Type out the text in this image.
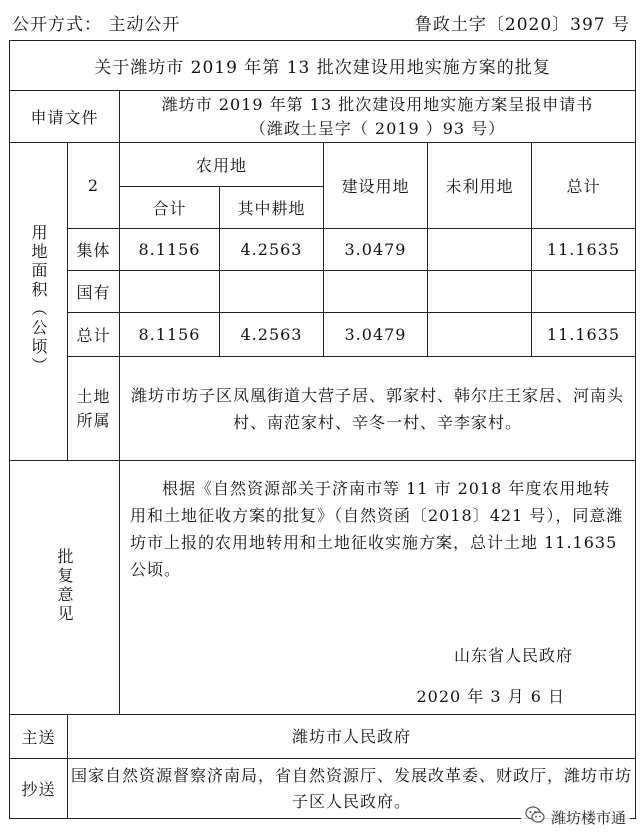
公开方式： 主动公开	鲁政土字〔2020〕397 号
关于潍坊市 2019 年第 13 批次建设用地实施方案的批复						
申请文件		潍坊市 2019 年第 13 批次建设用地实施方案呈报申请书
（潍政土呈字（ 2019 ）93 号）				

用地面积（公顷）	2	农用地		建设用地	未利用地	总计
		合计	其中耕地			
	集体	8.1156	4.2563	3.0479		11.1635
	国有					
	总计	8.1156	4.2563	3.0479		11.1635
	土地所属	潍坊市坊子区凤凰街道大营子居、郭家村、韩尔庄王家居、河南头村、南范家村、辛冬一村、辛李家村。				
批复意见		根据《自然资源部关于济南市等 11 市 2018 年度农用地转用和土地征收方案的批复》（自然资函〔2018〕421 号），同意潍坊市上报的农用地转用和土地征收实施方案，总计土地 11.1635 公顷。
山东省人民政府
2020 年 3 月 6 日				

主送	潍坊市人民政府					
抄送	国家自然资源督察济南局，省自然资源厅、发展改革委、财政厅，潍坊市坊子区人民政府。					
潍坊楼市通
